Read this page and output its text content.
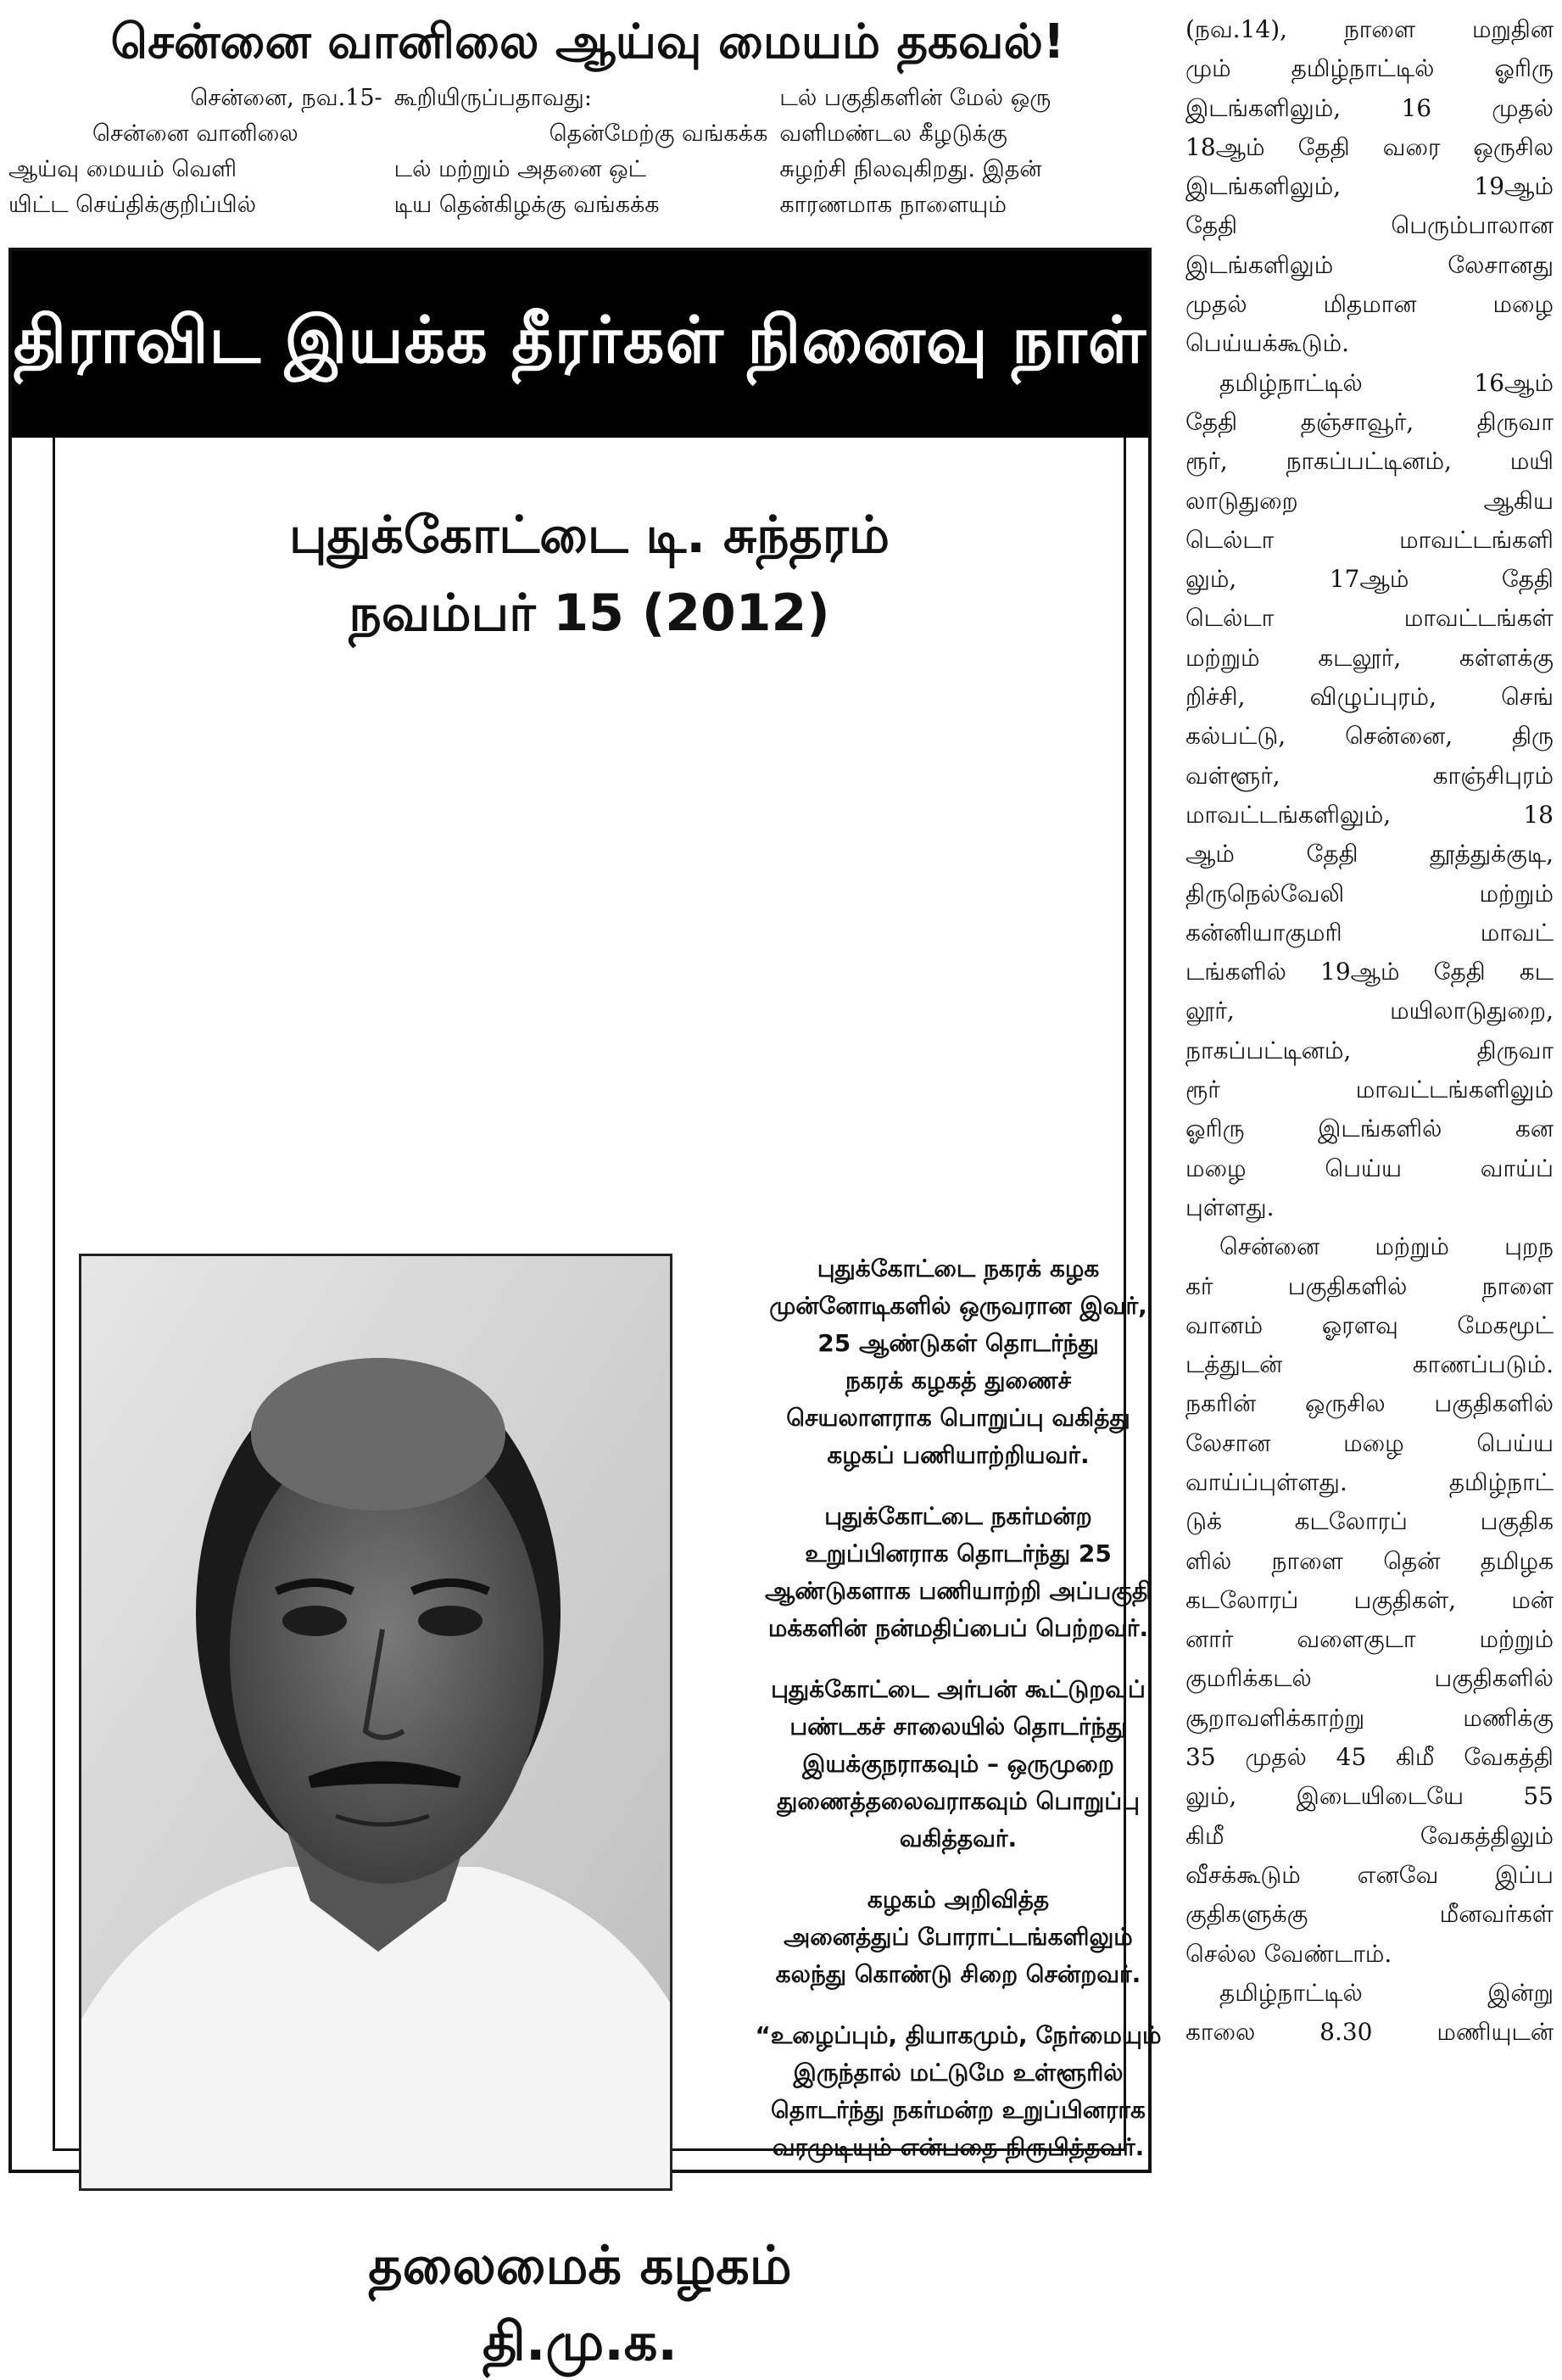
சென்னை வானிலை ஆய்வு மையம் தகவல்!
சென்னை, நவ.15-
சென்னை வானிலை
ஆய்வு மையம் வெளி
யிட்ட செய்திக்குறிப்பில்
கூறியிருப்பதாவது:
தென்மேற்கு வங்கக்க
டல் மற்றும் அதனை ஒட்
டிய தென்கிழக்கு வங்கக்க
டல் பகுதிகளின் மேல் ஒரு
வளிமண்டல கீழடுக்கு
சுழற்சி நிலவுகிறது. இதன்
காரணமாக நாளையும்
திராவிட இயக்க தீரர்கள் நினைவு நாள்
புதுக்கோட்டை டி. சுந்தரம்
நவம்பர் 15 (2012)

புதுக்கோட்டை நகரக் கழக
முன்னோடிகளில் ஒருவரான இவர்,
25 ஆண்டுகள் தொடர்ந்து
நகரக் கழகத் துணைச்
செயலாளராக பொறுப்பு வகித்து
கழகப் பணியாற்றியவர்.

புதுக்கோட்டை நகர்மன்ற
உறுப்பினராக தொடர்ந்து 25
ஆண்டுகளாக பணியாற்றி அப்பகுதி
மக்களின் நன்மதிப்பைப் பெற்றவர்.

புதுக்கோட்டை அர்பன் கூட்டுறவுப்
பண்டகச் சாலையில் தொடர்ந்து
இயக்குநராகவும் – ஒருமுறை
துணைத்தலைவராகவும் பொறுப்பு
வகித்தவர்.

கழகம் அறிவித்த
அனைத்துப் போராட்டங்களிலும்
கலந்து கொண்டு சிறை சென்றவர்.

“உழைப்பும், தியாகமும், நேர்மையும்
இருந்தால் மட்டுமே உள்ளூரில்
தொடர்ந்து நகர்மன்ற உறுப்பினராக
வரமுடியும் என்பதை நிருபித்தவர்.

தலைமைக் கழகம்
தி.மு.க.
(நவ.14), நாளை மறுதின
மும் தமிழ்நாட்டில் ஓரிரு
இடங்களிலும், 16 முதல்
18ஆம் தேதி வரை ஒருசில
இடங்களிலும், 19ஆம்
தேதி பெரும்பாலான
இடங்களிலும் லேசானது
முதல் மிதமான மழை
பெய்யக்கூடும்.
தமிழ்நாட்டில் 16ஆம்
தேதி தஞ்சாவூர், திருவா
ரூர், நாகப்பட்டினம், மயி
லாடுதுறை ஆகிய
டெல்டா மாவட்டங்களி
லும், 17ஆம் தேதி
டெல்டா மாவட்டங்கள்
மற்றும் கடலூர், கள்ளக்கு
றிச்சி, விழுப்புரம், செங்
கல்பட்டு, சென்னை, திரு
வள்ளூர், காஞ்சிபுரம்
மாவட்டங்களிலும், 18
ஆம் தேதி தூத்துக்குடி,
திருநெல்வேலி மற்றும்
கன்னியாகுமரி மாவட்
டங்களில் 19ஆம் தேதி கட
லூர், மயிலாடுதுறை,
நாகப்பட்டினம், திருவா
ரூர் மாவட்டங்களிலும்
ஓரிரு இடங்களில் கன
மழை பெய்ய வாய்ப்
புள்ளது.
சென்னை மற்றும் புறந
கர் பகுதிகளில் நாளை
வானம் ஓரளவு மேகமூட்
டத்துடன் காணப்படும்.
நகரின் ஒருசில பகுதிகளில்
லேசான மழை பெய்ய
வாய்ப்புள்ளது. தமிழ்நாட்
டுக் கடலோரப் பகுதிக
ளில் நாளை தென் தமிழக
கடலோரப் பகுதிகள், மன்
னார் வளைகுடா மற்றும்
குமரிக்கடல் பகுதிகளில்
சூறாவளிக்காற்று மணிக்கு
35 முதல் 45 கிமீ வேகத்தி
லும், இடையிடையே 55
கிமீ வேகத்திலும்
வீசக்கூடும் எனவே இப்ப
குதிகளுக்கு மீனவர்கள்
செல்ல வேண்டாம்.
தமிழ்நாட்டில் இன்று
காலை 8.30 மணியுடன்
